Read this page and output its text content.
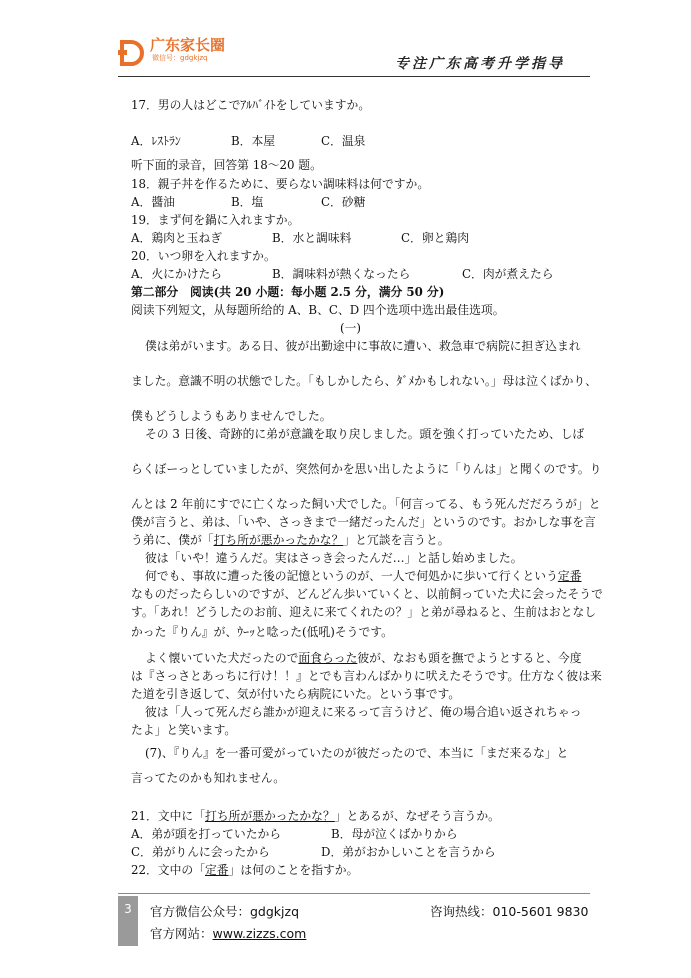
广东家长圈
微信号：gdgkjzq	专注广东高考升学指导
17．男の人はどこでｱﾙﾊﾞｲﾄをしていますか。
A．ﾚｽﾄﾗﾝ	B．本屋	C．温泉
听下面的录音，回答第 18～20 题。
18．親子丼を作るために、要らない調味料は何ですか。
A．醬油	B．塩	C．砂糖
19．まず何を鍋に入れますか。
A．鶏肉と玉ねぎ	B．水と調味料	C．卵と鶏肉
20．いつ卵を入れますか。
A．火にかけたら	B．調味料が熱くなったら	C．肉が煮えたら
第二部分　阅读(共 20 小题：每小题 2.5 分，满分 50 分)
阅读下列短文，从每题所给的 A、B、C、D 四个选项中选出最佳选项。
(一)
僕は弟がいます。ある日、彼が出勤途中に事故に遭い、救急車で病院に担ぎ込まれ
ました。意識不明の状態でした。「もしかしたら、ﾀﾞﾒかもしれない。」母は泣くばかり、
僕もどうしようもありませんでした。
その 3 日後、奇跡的に弟が意識を取り戻しました。頭を強く打っていたため、しば
らくぼーっとしていましたが、突然何かを思い出したように「りんは」と聞くのです。り
んとは 2 年前にすでに亡くなった飼い犬でした。「何言ってる、もう死んだだろうが」と
僕が言うと、弟は、「いや、さっきまで一緒だったんだ」というのです。おかしな事を言
う弟に、僕が「打ち所が悪かったかな？」と冗談を言うと。
彼は「いや！違うんだ。実はさっき会ったんだ…」と話し始めました。
何でも、事故に遭った後の記憶というのが、一人で何処かに歩いて行くという定番
なものだったらしいのですが、どんどん歩いていくと、以前飼っていた犬に会ったそうで
す。「あれ！どうしたのお前、迎えに来てくれたの？」と弟が尋ねると、生前はおとなし
かった『りん』が、ｳｰｯと唸った(低吼)そうです。
よく懐いていた犬だったので面食らった彼が、なおも頭を撫でようとすると、今度
は『さっさとあっちに行け！！』とでも言わんばかりに吠えたそうです。仕方なく彼は来
た道を引き返して、気が付いたら病院にいた。という事です。
彼は「人って死んだら誰かが迎えに来るって言うけど、俺の場合追い返されちゃっ
たよ」と笑います。
(7)、『りん』を一番可愛がっていたのが彼だったので、本当に「まだ来るな」と
言ってたのかも知れません。
21．文中に「打ち所が悪かったかな？」とあるが、なぜそう言うか。
A．弟が頭を打っていたから	B．母が泣くばかりから
3	官方微信公众号：gdgkjzq	咨询热线：010-5601 9830
官方网站：www.zizzs.com
C．弟がりんに会ったから	D．弟がおかしいことを言うから
22．文中の「定番」は何のことを指すか。
